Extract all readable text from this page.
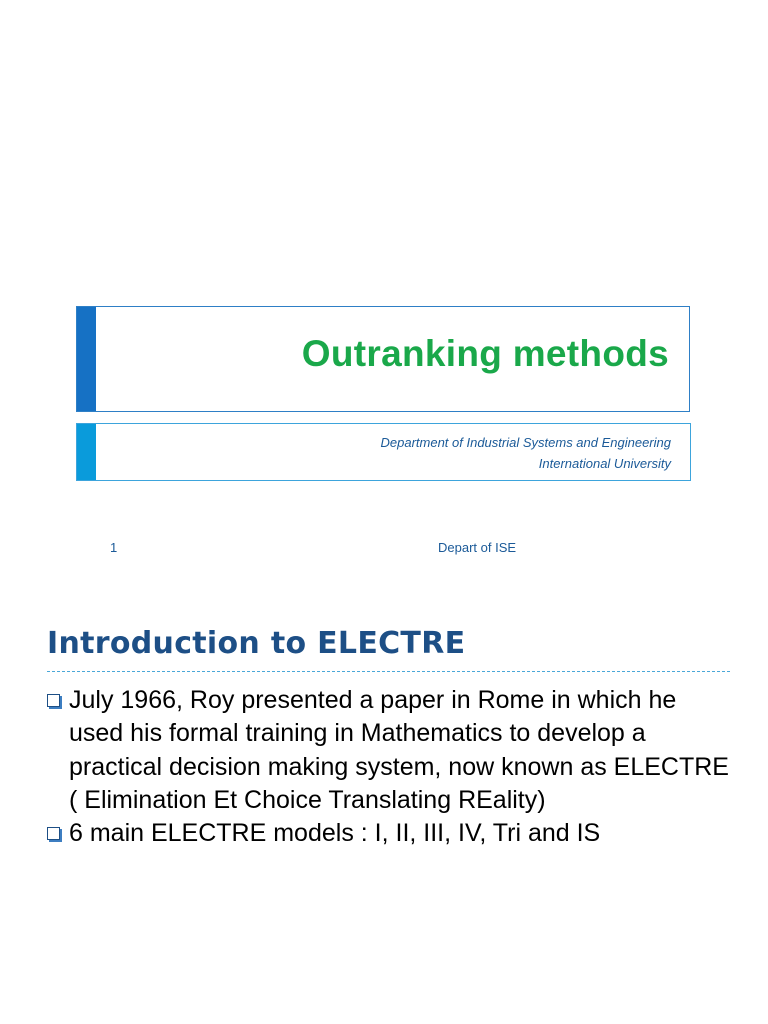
Outranking methods
Department of Industrial Systems and Engineering
International University
1	Depart of ISE
Introduction to ELECTRE
July 1966, Roy presented a paper in Rome in which he used his formal training in Mathematics to develop a practical decision making system, now known as ELECTRE ( Elimination Et Choice Translating REality)
6 main ELECTRE models : I, II, III, IV, Tri and IS
